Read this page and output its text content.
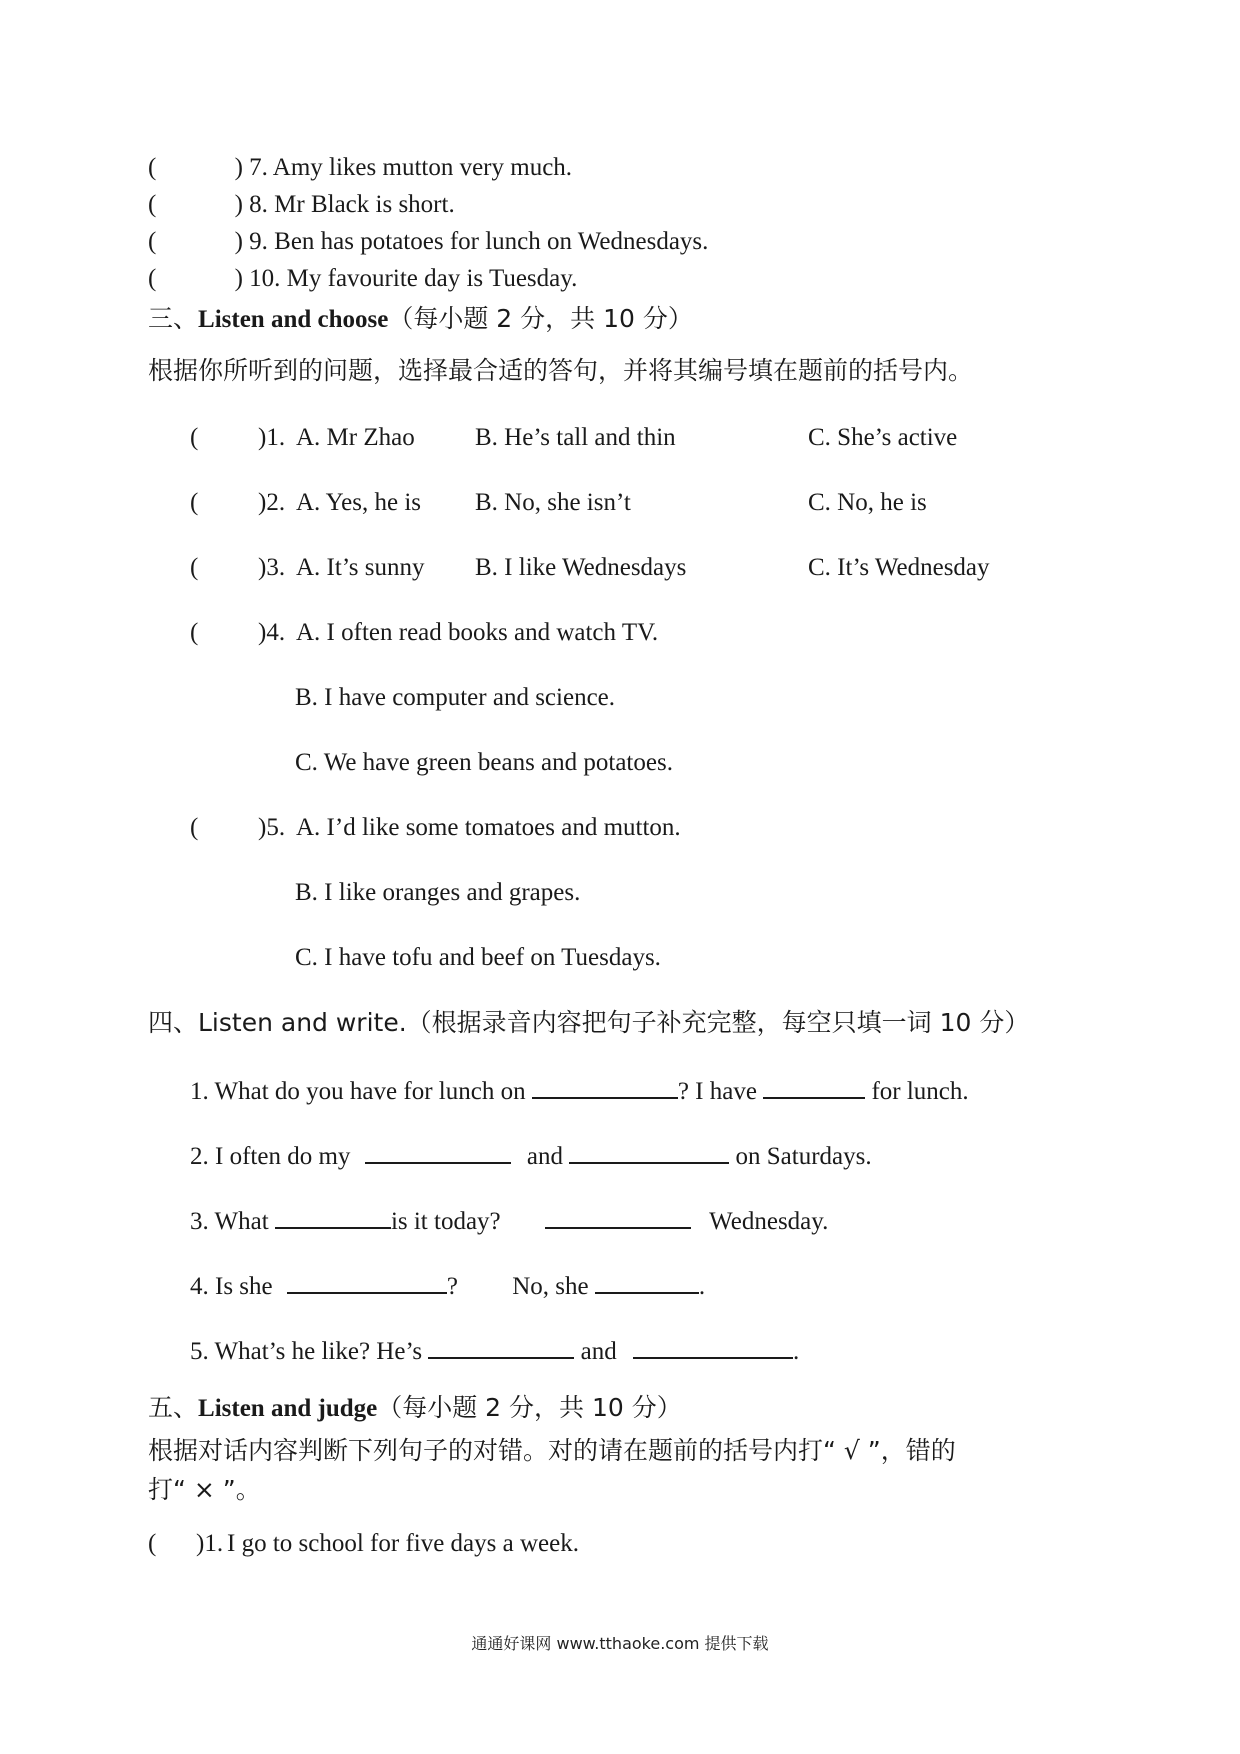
(	) 7. Amy likes mutton very much.
(	) 8. Mr Black is short.
(	) 9. Ben has potatoes for lunch on Wednesdays.
(	) 10. My favourite day is Tuesday.
三、Listen and choose（每小题 2 分，共 10 分）
根据你所听到的问题，选择最合适的答句，并将其编号填在题前的括号内。
( )1. A. Mr Zhao B. He’s tall and thin	C. She’s active
( )2. A. Yes, he is B. No, she isn’t	C. No, he is
( )3. A. It’s sunny B. I like Wednesdays	C. It’s Wednesday
( )4. A. I often read books and watch TV.
B. I have computer and science.
C. We have green beans and potatoes.
( )5. A. I’d like some tomatoes and mutton.
B. I like oranges and grapes.
C. I have tofu and beef on Tuesdays.
四、Listen and write.（根据录音内容把句子补充完整，每空只填一词 10 分）
1. What do you have for lunch on	? I have	for lunch.
2. I often do my	and	on Saturdays.
3. What	is it today?	Wednesday.
4. Is she	? No, she	.
5. What’s he like? He’s	and	.
五、Listen and judge（每小题 2 分，共 10 分）
根据对话内容判断下列句子的对错。对的请在题前的括号内打“ √ ”，错的
打“ × ”。
( )1. I go to school for five days a week.
通通好课网 www.tthaoke.com 提供下载
